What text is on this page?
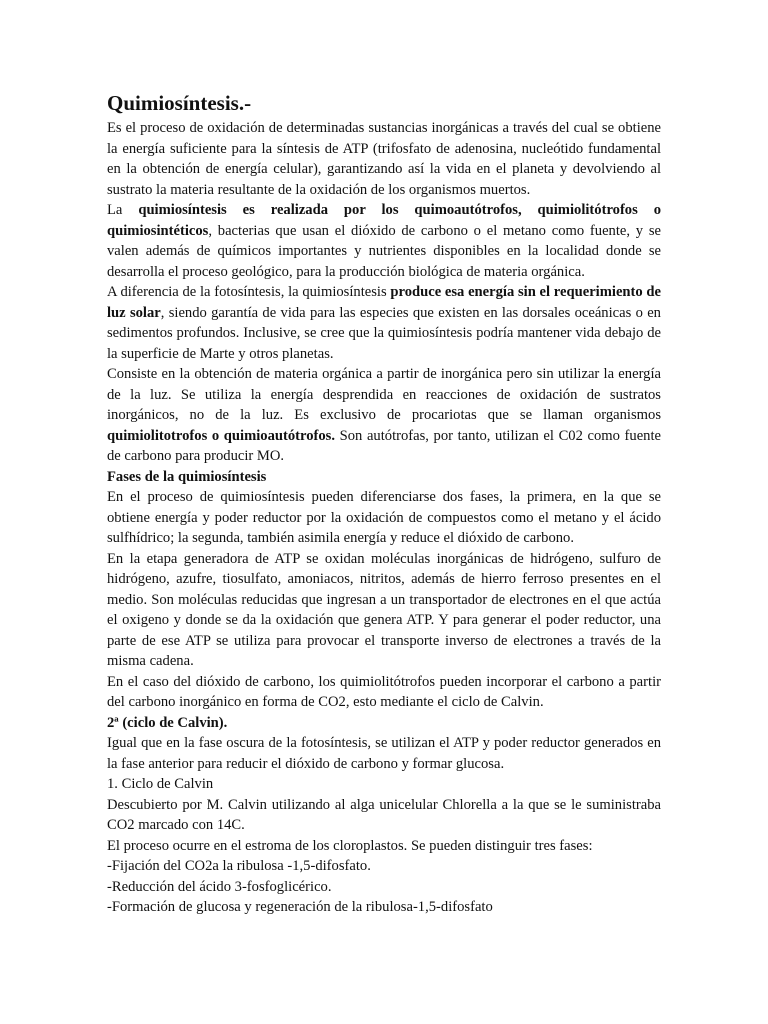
Quimiosíntesis.-

Es el proceso de oxidación de determinadas sustancias inorgánicas a través del cual se obtiene la energía suficiente para la síntesis de ATP (trifosfato de adenosina, nucleótido fundamental en la obtención de energía celular), garantizando así la vida en el planeta y devolviendo al sustrato la materia resultante de la oxidación de los organismos muertos.

La quimiosíntesis es realizada por los quimoautótrofos, quimiolitótrofos o quimiosintéticos, bacterias que usan el dióxido de carbono o el metano como fuente, y se valen además de químicos importantes y nutrientes disponibles en la localidad donde se desarrolla el proceso geológico, para la producción biológica de materia orgánica.

A diferencia de la fotosíntesis, la quimiosíntesis produce esa energía sin el requerimiento de luz solar, siendo garantía de vida para las especies que existen en las dorsales oceánicas o en sedimentos profundos. Inclusive, se cree que la quimiosíntesis podría mantener vida debajo de la superficie de Marte y otros planetas.

Consiste en la obtención de materia orgánica a partir de inorgánica pero sin utilizar la energía de la luz. Se utiliza la energía desprendida en reacciones de oxidación de sustratos inorgánicos, no de la luz. Es exclusivo de procariotas que se llaman organismos quimiolitotrofos o quimioautótrofos. Son autótrofas, por tanto, utilizan el C02 como fuente de carbono para producir MO.

Fases de la quimiosíntesis

En el proceso de quimiosíntesis pueden diferenciarse dos fases, la primera, en la que se obtiene energía y poder reductor por la oxidación de compuestos como el metano y el ácido sulfhídrico; la segunda, también asimila energía y reduce el dióxido de carbono.

En la etapa generadora de ATP se oxidan moléculas inorgánicas de hidrógeno, sulfuro de hidrógeno, azufre, tiosulfato, amoniacos, nitritos, además de hierro ferroso presentes en el medio. Son moléculas reducidas que ingresan a un transportador de electrones en el que actúa el oxigeno y donde se da la oxidación que genera ATP. Y para generar el poder reductor, una parte de ese ATP se utiliza para provocar el transporte inverso de electrones a través de la misma cadena.

En el caso del dióxido de carbono, los quimiolitótrofos pueden incorporar el carbono a partir del carbono inorgánico en forma de CO2, esto mediante el ciclo de Calvin.

2ª (ciclo de Calvin).

Igual que en la fase oscura de la fotosíntesis, se utilizan el ATP y poder reductor generados en la fase anterior para reducir el dióxido de carbono y formar glucosa.

1. Ciclo de Calvin

Descubierto por M. Calvin utilizando al alga unicelular Chlorella a la que se le suministraba CO2 marcado con 14C.

El proceso ocurre en el estroma de los cloroplastos. Se pueden distinguir tres fases:

-Fijación del CO2a la ribulosa -1,5-difosfato.

-Reducción del ácido 3-fosfoglicérico.

-Formación de glucosa y regeneración de la ribulosa-1,5-difosfato
